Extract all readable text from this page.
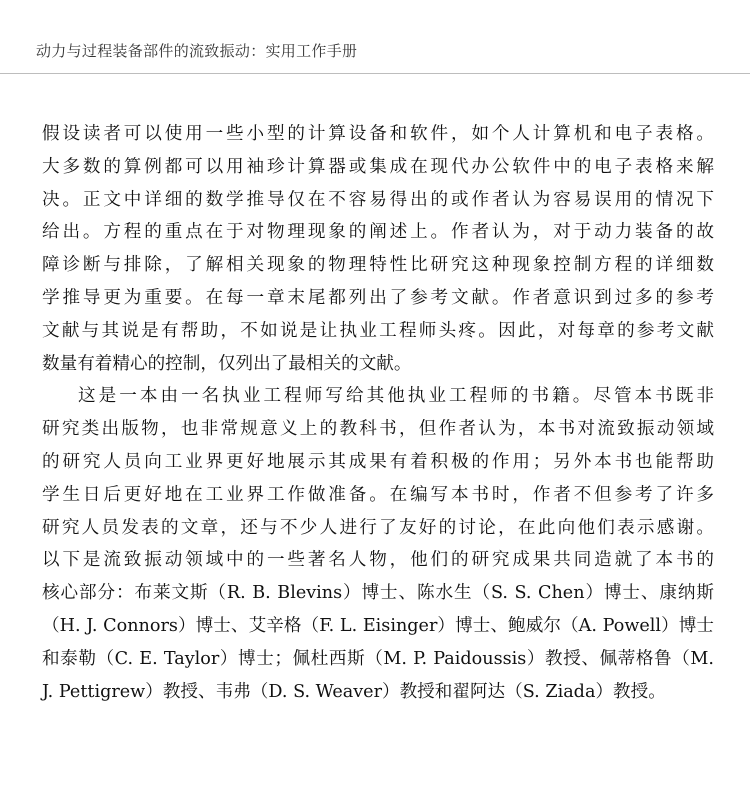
动力与过程装备部件的流致振动：实用工作手册

假设读者可以使用一些小型的计算设备和软件，如个人计算机和电子表格。
大多数的算例都可以用袖珍计算器或集成在现代办公软件中的电子表格来解
决。正文中详细的数学推导仅在不容易得出的或作者认为容易误用的情况下
给出。方程的重点在于对物理现象的阐述上。作者认为，对于动力装备的故
障诊断与排除，了解相关现象的物理特性比研究这种现象控制方程的详细数
学推导更为重要。在每一章末尾都列出了参考文献。作者意识到过多的参考
文献与其说是有帮助，不如说是让执业工程师头疼。因此，对每章的参考文献
数量有着精心的控制，仅列出了最相关的文献。

这是一本由一名执业工程师写给其他执业工程师的书籍。尽管本书既非
研究类出版物，也非常规意义上的教科书，但作者认为，本书对流致振动领域
的研究人员向工业界更好地展示其成果有着积极的作用；另外本书也能帮助
学生日后更好地在工业界工作做准备。在编写本书时，作者不但参考了许多
研究人员发表的文章，还与不少人进行了友好的讨论，在此向他们表示感谢。
以下是流致振动领域中的一些著名人物，他们的研究成果共同造就了本书的
核心部分：布莱文斯（R. B. Blevins）博士、陈水生（S. S. Chen）博士、康纳斯
（H. J. Connors）博士、艾辛格（F. L. Eisinger）博士、鲍威尔（A. Powell）博士
和泰勒（C. E. Taylor）博士；佩杜西斯（M. P. Paidoussis）教授、佩蒂格鲁（M.
J. Pettigrew）教授、韦弗（D. S. Weaver）教授和翟阿达（S. Ziada）教授。
